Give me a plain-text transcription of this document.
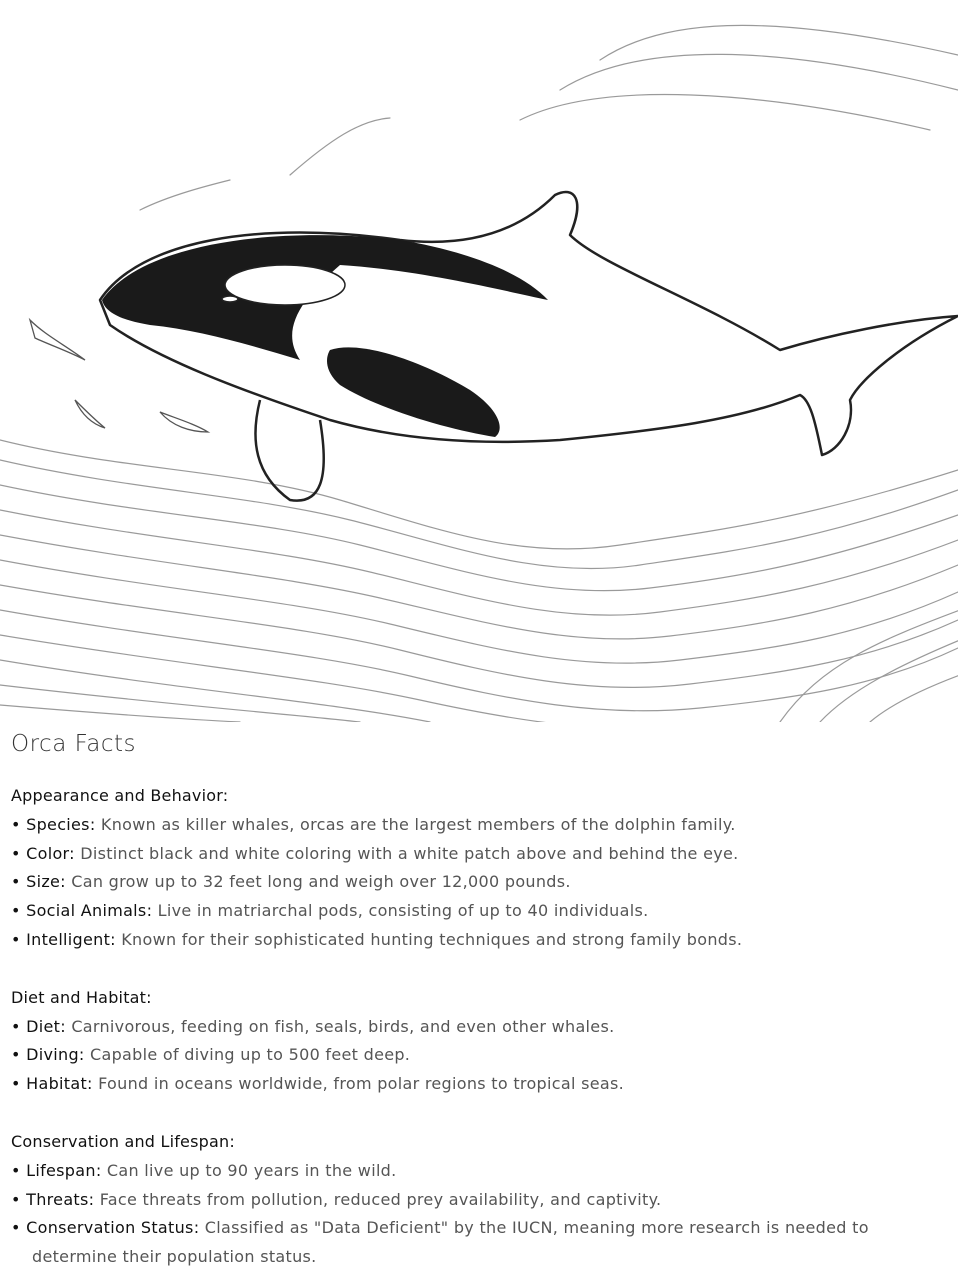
Orca Facts
Appearance and Behavior:
• Species: Known as killer whales, orcas are the largest members of the dolphin family.
• Color: Distinct black and white coloring with a white patch above and behind the eye.
• Size: Can grow up to 32 feet long and weigh over 12,000 pounds.
• Social Animals: Live in matriarchal pods, consisting of up to 40 individuals.
• Intelligent: Known for their sophisticated hunting techniques and strong family bonds.
Diet and Habitat:
• Diet: Carnivorous, feeding on fish, seals, birds, and even other whales.
• Diving: Capable of diving up to 500 feet deep.
• Habitat: Found in oceans worldwide, from polar regions to tropical seas.
Conservation and Lifespan:
• Lifespan: Can live up to 90 years in the wild.
• Threats: Face threats from pollution, reduced prey availability, and captivity.
• Conservation Status: Classified as "Data Deficient" by the IUCN, meaning more research is needed to determine their population status.
